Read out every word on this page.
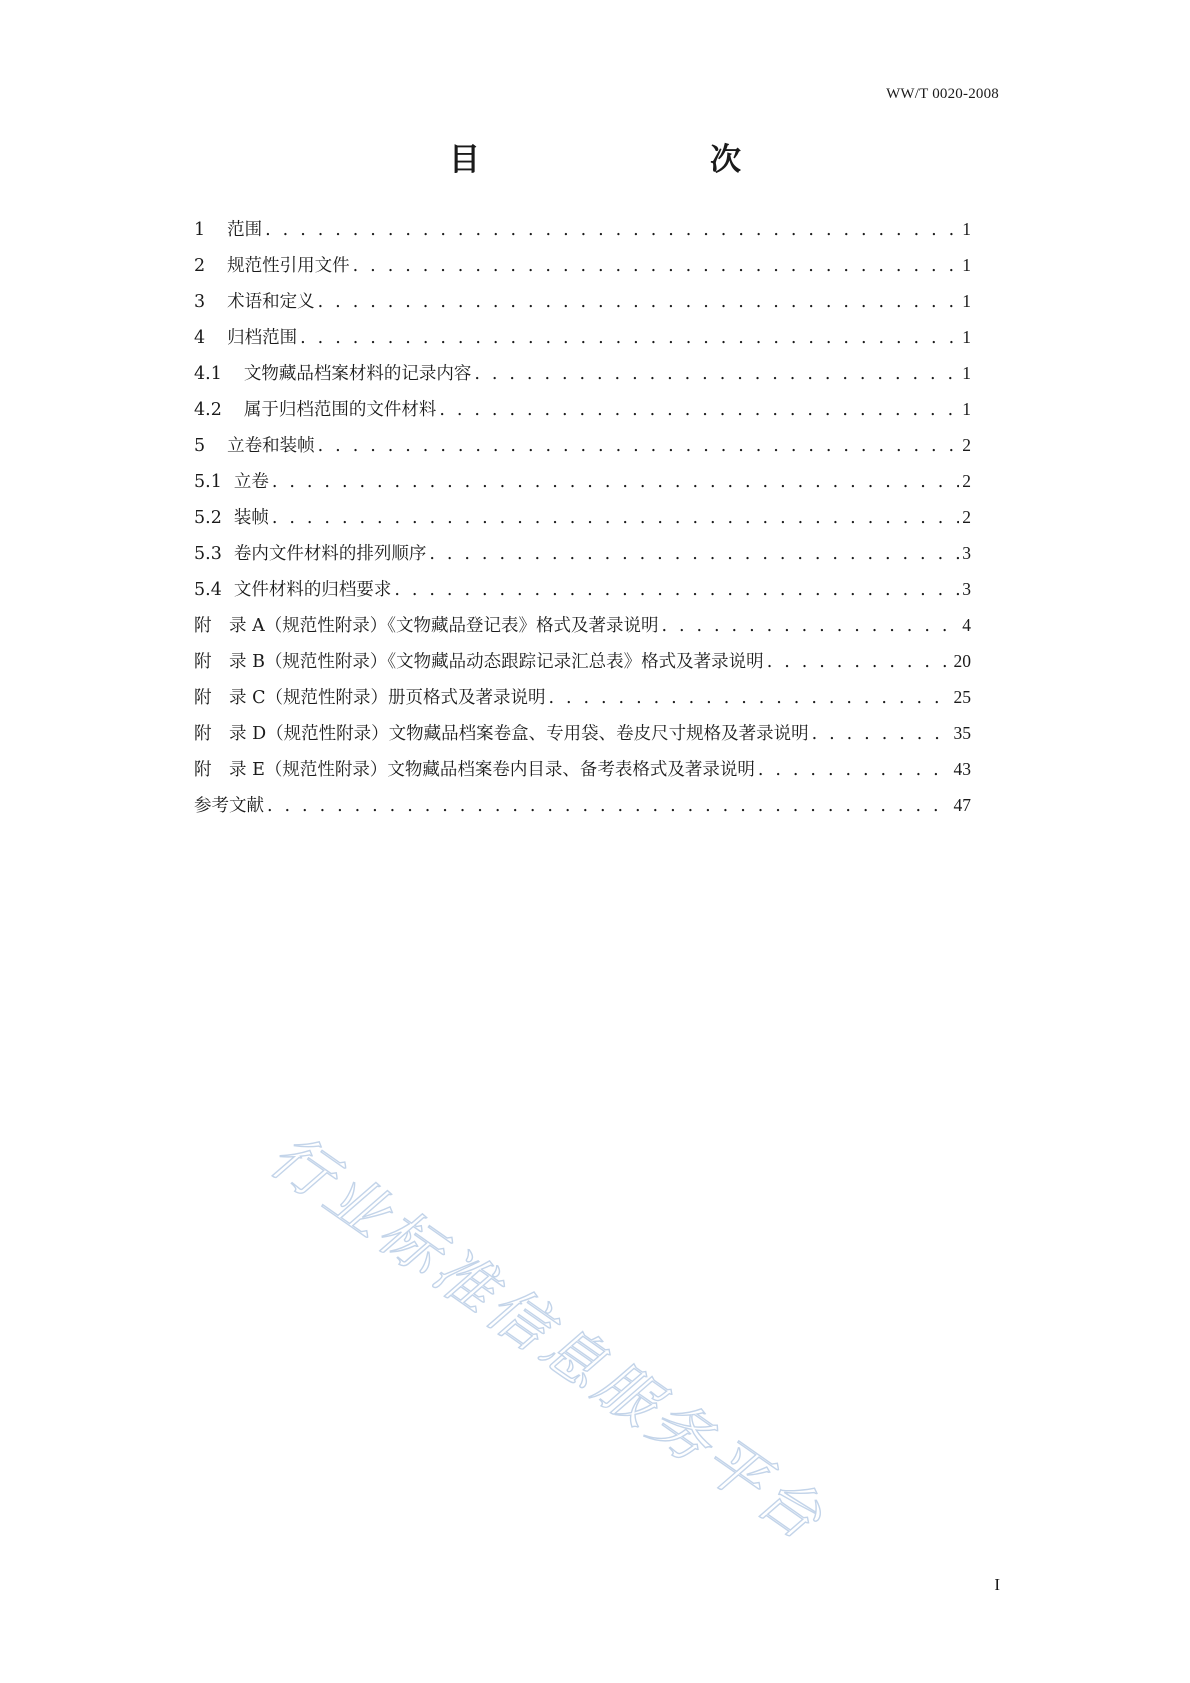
WW/T 0020-2008
目　　次
1 范围 . . .	1
2 规范性引用文件 . . .	1
3 术语和定义 . . .	1
4 归档范围 . . .	1
4.1 文物藏品档案材料的记录内容 . . .	1
4.2 属于归档范围的文件材料 . . .	1
5 立卷和装帧 . . .	2
5.1 立卷 . . .	2
5.2 装帧 . . .	2
5.3 卷内文件材料的排列顺序 . . .	3
5.4 文件材料的归档要求 . . .	3
附　录 A （规范性附录）《文物藏品登记表》格式及著录说明 . . .	4
附　录 B （规范性附录）《文物藏品动态跟踪记录汇总表》格式及著录说明 . . .	20
附　录 C （规范性附录）册页格式及著录说明 . . .	25
附　录 D （规范性附录）文物藏品档案卷盒、专用袋、卷皮尺寸规格及著录说明 . . .	35
附　录 E （规范性附录）文物藏品档案卷内目录、备考表格式及著录说明 . . .	43
参考文献 . . .	47
行业标准信息服务平台
I
